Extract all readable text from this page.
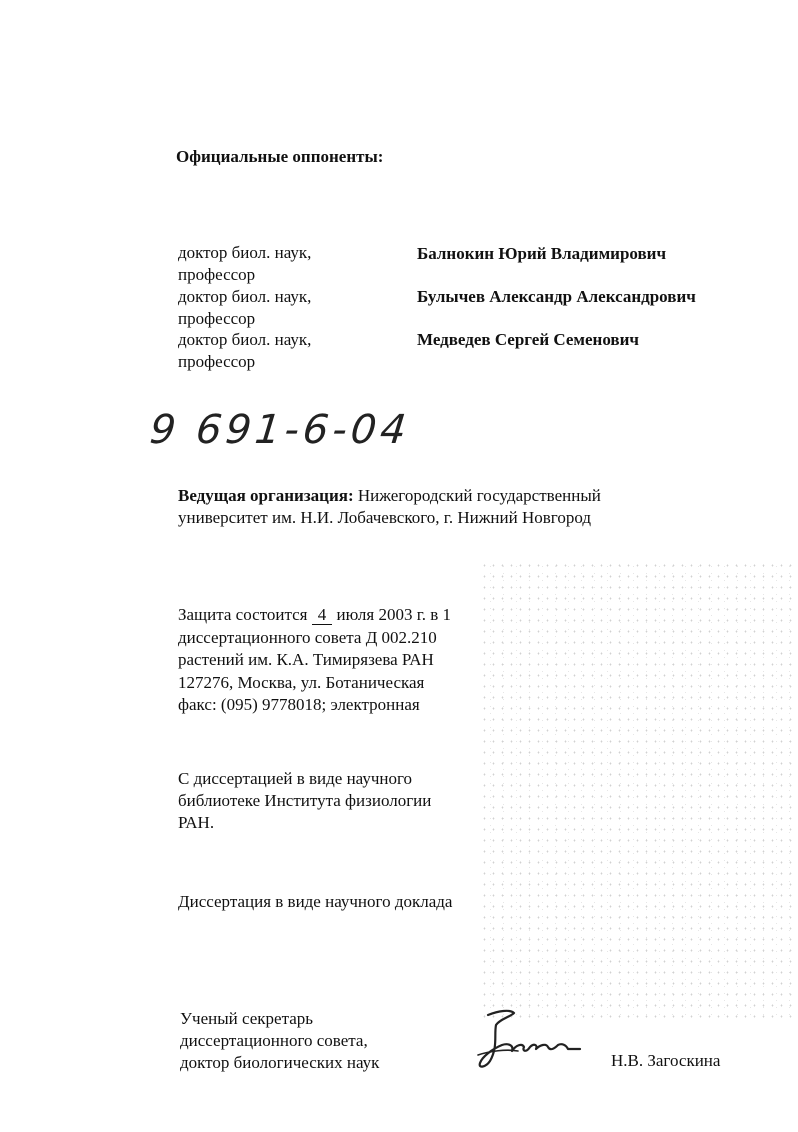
Официальные оппоненты:
доктор биол. наук,
профессор
Балнокин Юрий Владимирович
доктор биол. наук,
профессор
Булычев Александр Александрович
доктор биол. наук,
профессор
Медведев Сергей Семенович
9 691-6-04
Ведущая организация: Нижегородский государственный
университет им. Н.И. Лобачевского, г. Нижний Новгород
Защита состоится 4 июля 2003 г. в 1
диссертационного совета Д 002.210
растений им. К.А. Тимирязева РАН
127276, Москва, ул. Ботаническая
факс: (095) 9778018; электронная
С диссертацией в виде научного
библиотеке Института физиологии
РАН.
Диссертация в виде научного доклада
Ученый секретарь
диссертационного совета,
доктор биологических наук	Н.В. Загоскина
